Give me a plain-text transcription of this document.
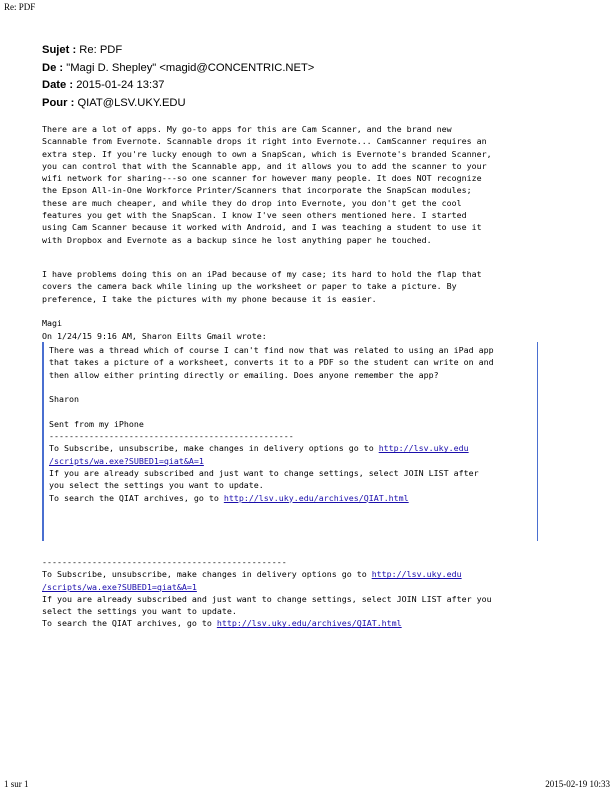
Re: PDF
Sujet : Re: PDF
De : "Magi D. Shepley" <magid@CONCENTRIC.NET>
Date : 2015-01-24 13:37
Pour : QIAT@LSV.UKY.EDU
There are a lot of apps. My go-to apps for this are Cam Scanner, and the brand new
Scannable from Evernote. Scannable drops it right into Evernote... CamScanner requires an
extra step. If you're lucky enough to own a SnapScan, which is Evernote's branded Scanner,
you can control that with the Scannable app, and it allows you to add the scanner to your
wifi network for sharing---so one scanner for however many people. It does NOT recognize
the Epson All-in-One Workforce Printer/Scanners that incorporate the SnapScan modules;
these are much cheaper, and while they do drop into Evernote, you don't get the cool
features you get with the SnapScan. I know I've seen others mentioned here. I started
using Cam Scanner because it worked with Android, and I was teaching a student to use it
with Dropbox and Evernote as a backup since he lost anything paper he touched.
I have problems doing this on an iPad because of my case; its hard to hold the flap that
covers the camera back while lining up the worksheet or paper to take a picture. By
preference, I take the pictures with my phone because it is easier.
Magi
On 1/24/15 9:16 AM, Sharon Eilts Gmail wrote:
There was a thread which of course I can't find now that was related to using an iPad app
that takes a picture of a worksheet, converts it to a PDF so the student can write on and
then allow either printing directly or emailing. Does anyone remember the app?
Sharon
Sent from my iPhone
-------------------------------------------------
To Subscribe, unsubscribe, make changes in delivery options go to http://lsv.uky.edu
/scripts/wa.exe?SUBED1=qiat&A=1
If you are already subscribed and just want to change settings, select JOIN LIST after
you select the settings you want to update.
To search the QIAT archives, go to http://lsv.uky.edu/archives/QIAT.html
-------------------------------------------------
To Subscribe, unsubscribe, make changes in delivery options go to http://lsv.uky.edu
/scripts/wa.exe?SUBED1=qiat&A=1
If you are already subscribed and just want to change settings, select JOIN LIST after you
select the settings you want to update.
To search the QIAT archives, go to http://lsv.uky.edu/archives/QIAT.html
1 sur 1	2015-02-19 10:33
